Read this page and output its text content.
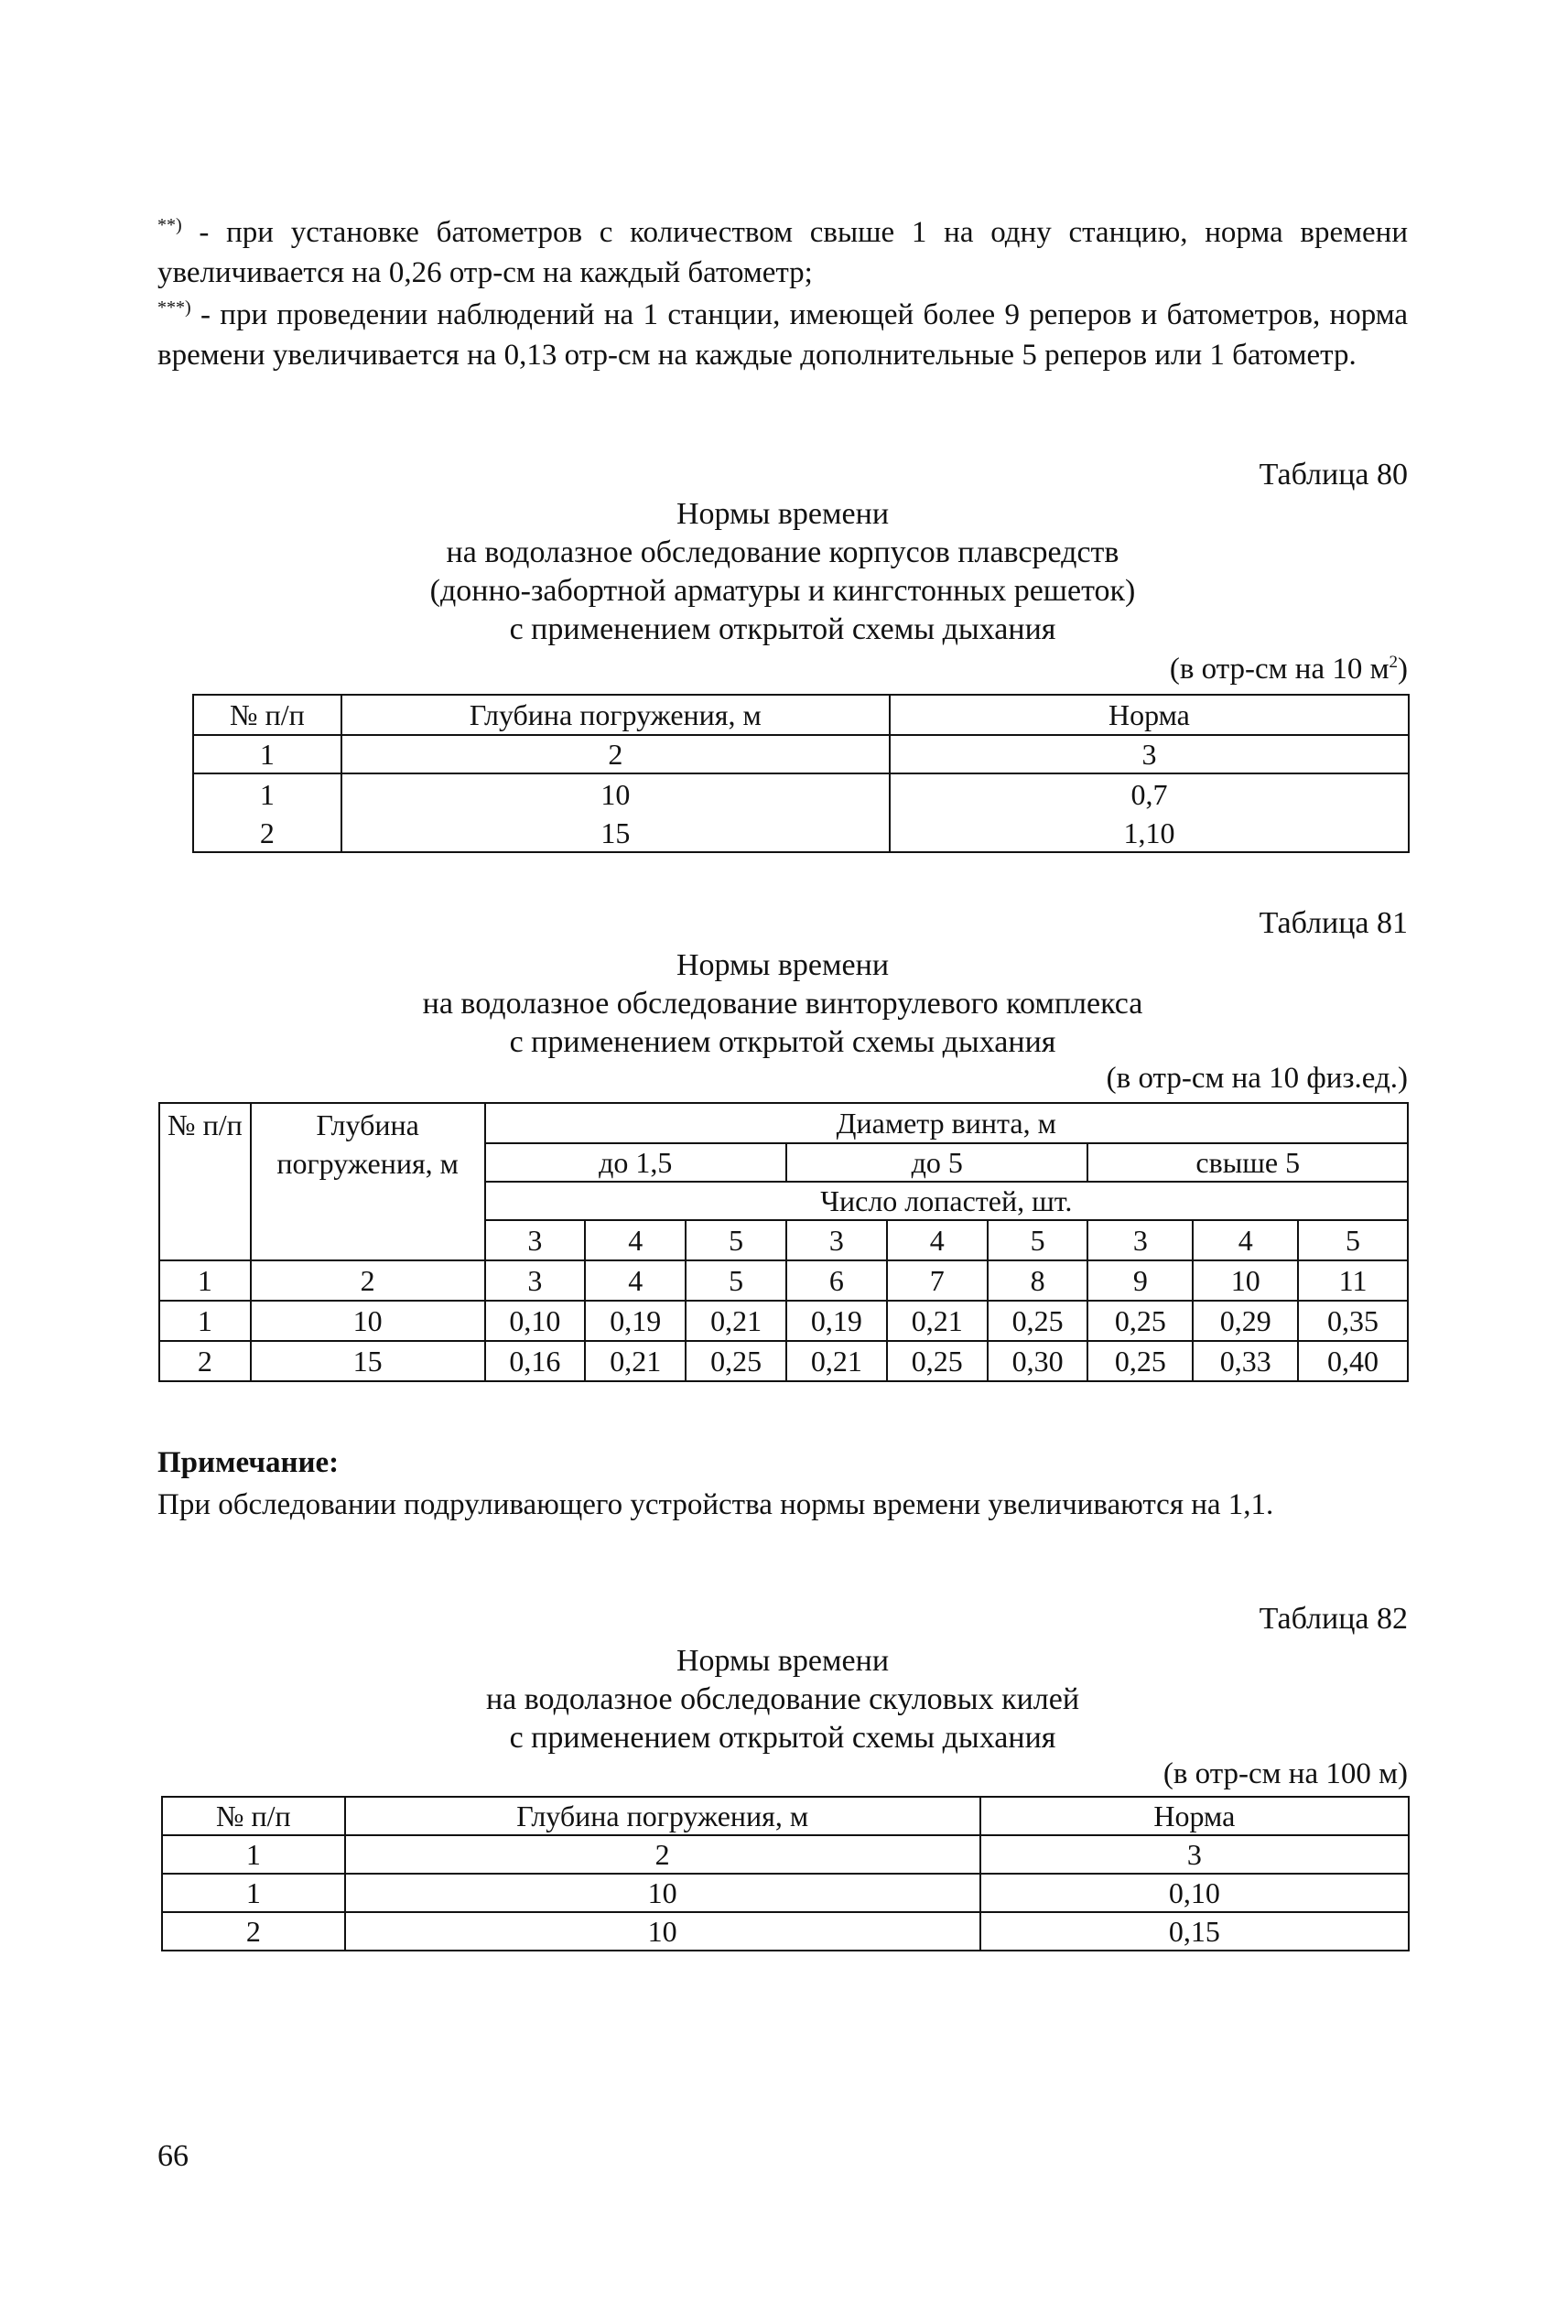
**) - при установке батометров с количеством свыше 1 на одну станцию, норма времени увеличивается на 0,26 отр-см на каждый батометр;
***) - при проведении наблюдений на 1 станции, имеющей более 9 реперов и батометров, норма времени увеличивается на 0,13 отр-см на каждые дополнительные 5 реперов или 1 батометр.
Таблица 80
Нормы времени
на водолазное обследование корпусов плавсредств
(донно-забортной арматуры и кингстонных решеток)
с применением открытой схемы дыхания
(в отр-см на 10 $м^2$)
№ п/п	Глубина погружения, м	Норма
1	2	3
1	10	0,7
2	15	1,10
Таблица 81
Нормы времени
на водолазное обследование винторулевого комплекса
с применением открытой схемы дыхания
(в отр-см на 10 физ.ед.)
№ п/п	Глубина погружения, м	Диаметр винта, м								
		до 1,5			до 5			свыше 5		
		Число лопастей, шт.								
		3	4	5	3	4	5	3	4	5
1	2	3	4	5	6	7	8	9	10	11
1	10	0,10	0,19	0,21	0,19	0,21	0,25	0,25	0,29	0,35
2	15	0,16	0,21	0,25	0,21	0,25	0,30	0,25	0,33	0,40
Примечание:
При обследовании подруливающего устройства нормы времени увеличиваются на 1,1.
Таблица 82
Нормы времени
на водолазное обследование скуловых килей
с применением открытой схемы дыхания
(в отр-см на 100 м)
№ п/п	Глубина погружения, м	Норма
1	2	3
1	10	0,10
2	10	0,15
66
